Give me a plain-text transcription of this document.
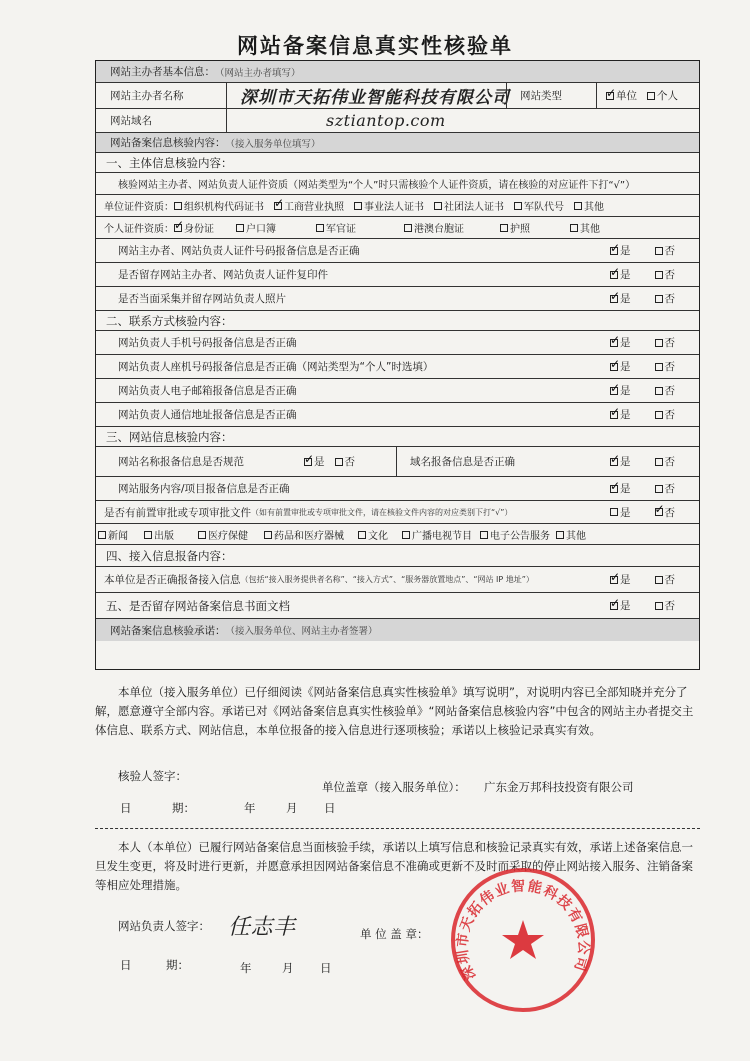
网站备案信息真实性核验单
网站主办者基本信息： （网站主办者填写）
网站主办者名称	深圳市天拓伟业智能科技有限公司 网站类型 ✓	单位 个人
网站域名	sztiantop.com
网站备案信息核验内容： （接入服务单位填写）
一、主体信息核验内容：
核验网站主办者、网站负责人证件资质（网站类型为“个人”时只需核验个人证件资质，请在核验的对应证件下打“√”）
单位证件资质： 组织机构代码证书 ✓ 工商营业执照 事业法人证书 社团法人证书 军队代号 其他
个人证件资质： ✓ 身份证	户口簿	军官证	港澳台胞证	护照	其他
网站主办者、网站负责人证件号码报备信息是否正确 ✓	是	否
是否留存网站主办者、网站负责人证件复印件 ✓	是	否
是否当面采集并留存网站负责人照片 ✓	是	否
二、联系方式核验内容：
网站负责人手机号码报备信息是否正确 ✓	是	否
网站负责人座机号码报备信息是否正确（网站类型为“个人”时选填） ✓	是	否
网站负责人电子邮箱报备信息是否正确 ✓	是	否
网站负责人通信地址报备信息是否正确 ✓	是	否
三、网站信息核验内容：
网站名称报备信息是否规范 ✓	是 否	域名报备信息是否正确 ✓	是	否
网站服务内容/项目报备信息是否正确 ✓	是	否
是否有前置审批或专项审批文件 （如有前置审批或专项审批文件，请在核验文件内容的对应类别下打“√”）	是 ✓	否
新闻	出版	医疗保健	药品和医疗器械 文化 广播电视节目 电子公告服务 其他
四、接入信息报备内容：
本单位是否正确报备接入信息 （包括“接入服务提供者名称”、“接入方式”、“服务器放置地点”、“网站 IP 地址”） ✓	是	否
五、是否留存网站备案信息书面文档 ✓	是	否
网站备案信息核验承诺： （接入服务单位、网站主办者签署）
本单位（接入服务单位）已仔细阅读《网站备案信息真实性核验单》填写说明”，对说明内容已全部知晓并充分了解，愿意遵守全部内容。承诺已对《网站备案信息真实性核验单》“网站备案信息核验内容”中包含的网站主办者提交主体信息、联系方式、网站信息，本单位报备的接入信息进行逐项核验；承诺以上核验记录真实有效。
核验人签字：
单位盖章（接入服务单位）： 广东金万邦科技投资有限公司
日	期：	年	月 日
本人（本单位）已履行网站备案信息当面核验手续，承诺以上填写信息和核验记录真实有效，承诺上述备案信息一旦发生变更，将及时进行更新，并愿意承担因网站备案信息不准确或更新不及时而采取的停止网站接入服务、注销备案等相应处理措施。
网站负责人签字： 任志丰	单 位 盖 章：
日	期：	年	月 日	深圳市天拓伟业智能科技有限公司
